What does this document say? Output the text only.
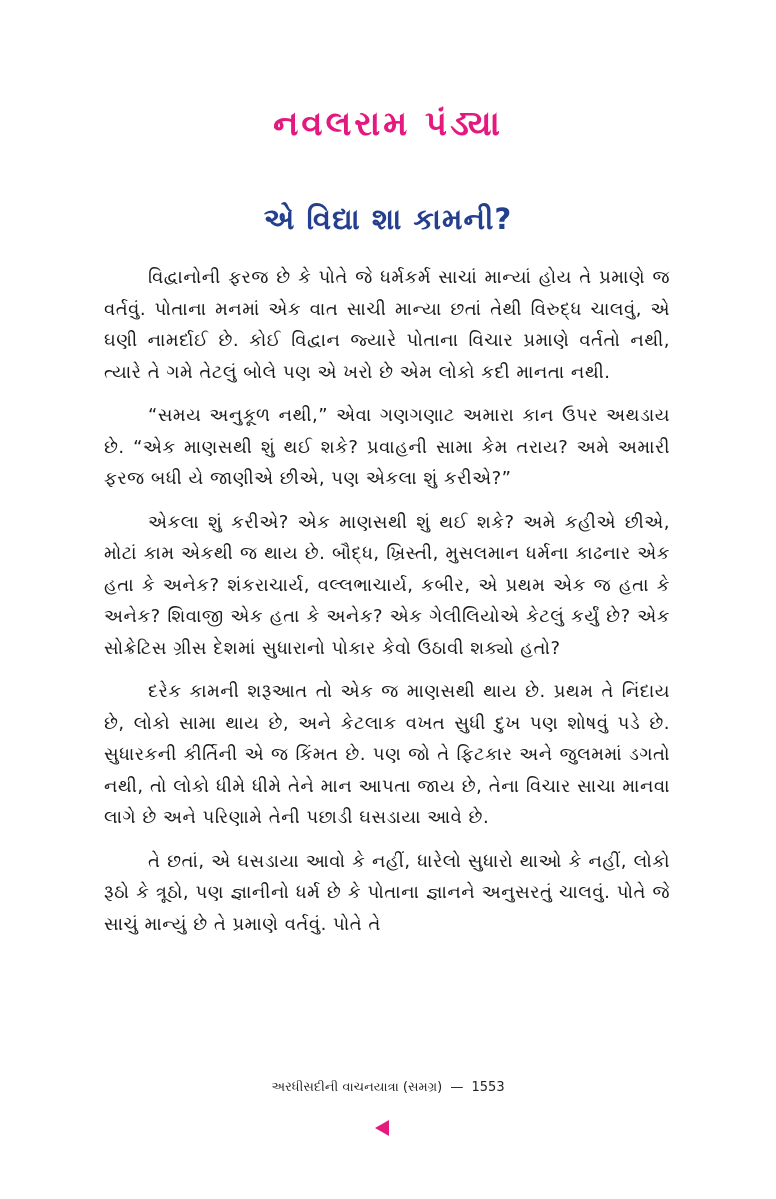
નવલરામ પંડ્યા
એ વિદ્યા શા કામની?

વિદ્વાનોની ફરજ છે કે પોતે જે ધર્મકર્મ સાચાં માન્યાં હોય તે પ્રમાણે જ વર્તવું. પોતાના મનમાં એક વાત સાચી માન્યા છતાં તેથી વિરુદ્ધ ચાલવું, એ ઘણી નામર્દાઈ છે. કોઈ વિદ્વાન જ્યારે પોતાના વિચાર પ્રમાણે વર્તતો નથી, ત્યારે તે ગમે તેટલું બોલે પણ એ ખરો છે એમ લોકો કદી માનતા નથી.

“સમય અનુકૂળ નથી,” એવા ગણગણાટ અમારા કાન ઉપર અથડાય છે. “એક માણસથી શું થઈ શકે? પ્રવાહની સામા કેમ તરાય? અમે અમારી ફરજ બધી યે જાણીએ છીએ, પણ એકલા શું કરીએ?”

એકલા શું કરીએ? એક માણસથી શું થઈ શકે? અમે કહીએ છીએ, મોટાં કામ એકથી જ થાય છે. બૌદ્ધ, ખ્રિસ્તી, મુસલમાન ધર્મના કાઢનાર એક હતા કે અનેક? શંકરાચાર્ય, વલ્લભાચાર્ય, કબીર, એ પ્રથમ એક જ હતા કે અનેક? શિવાજી એક હતા કે અનેક? એક ગેલીલિયોએ કેટલું કર્યું છે? એક સોક્રેટિસ ગ્રીસ દેશમાં સુધારાનો પોકાર કેવો ઉઠાવી શક્યો હતો?

દરેક કામની શરૂઆત તો એક જ માણસથી થાય છે. પ્રથમ તે નિંદાય છે, લોકો સામા થાય છે, અને કેટલાક વખત સુધી દુખ પણ શોષવું પડે છે. સુધારકની કીર્તિની એ જ કિંમત છે. પણ જો તે ફિટકાર અને જુલમમાં ડગતો નથી, તો લોકો ધીમે ધીમે તેને માન આપતા જાય છે, તેના વિચાર સાચા માનવા લાગે છે અને પરિણામે તેની પછાડી ઘસડાયા આવે છે.

તે છતાં, એ ઘસડાયા આવો કે નહીં, ધારેલો સુધારો થાઓ કે નહીં, લોકો રૂઠો કે ત્રૂઠો, પણ જ્ઞાનીનો ધર્મ છે કે પોતાના જ્ઞાનને અનુસરતું ચાલવું. પોતે જે સાચું માન્યું છે તે પ્રમાણે વર્તવું. પોતે તે

અરધીસદીની વાચનયાત્રા (સમગ્ર) — 1553
